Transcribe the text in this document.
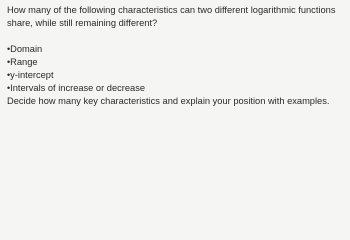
How many of the following characteristics can two different logarithmic functions

share, while still remaining different?

•Domain
•Range
•y-intercept
•Intervals of increase or decrease

Decide how many key characteristics and explain your position with examples.
